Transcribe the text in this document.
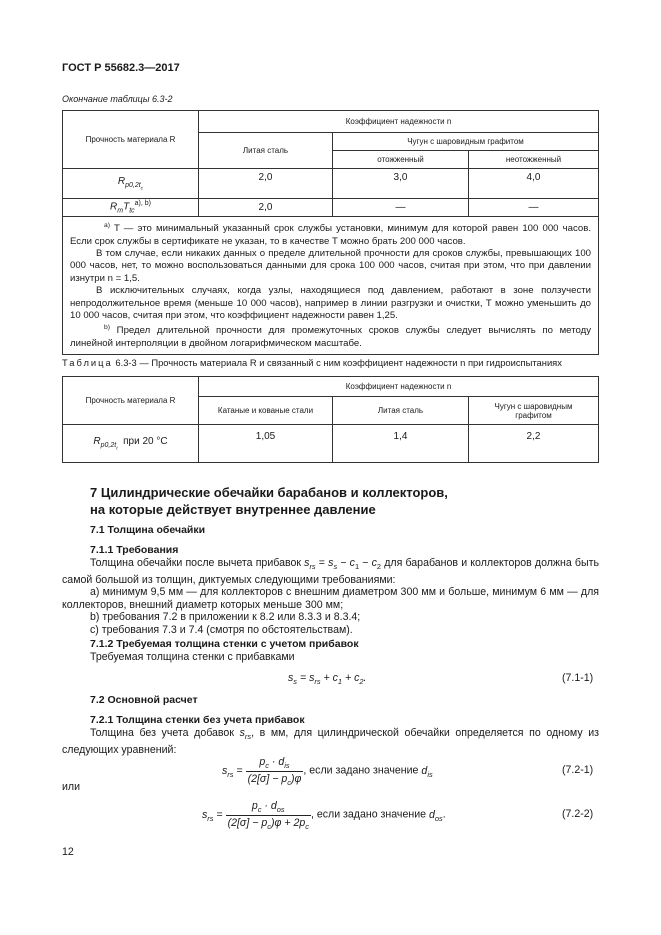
ГОСТ Р 55682.3—2017
Окончание таблицы 6.3-2
Прочность материала R	Коэффициент надежности n		
	Литая сталь	Чугун с шаровидным графитом	
		отожженный	неотожженный
$R_{p0,2t_c}$	2,0	3,0	4,0
$R_mT_{tc}^{a), b)}$	2,0	—	—

$^{a)}$ T — это минимальный указанный срок службы установки, минимум для которой равен 100 000 часов. Если срок службы в сертификате не указан, то в качестве T можно брать 200 000 часов.

В том случае, если никаких данных о пределе длительной прочности для сроков службы, превышающих 100 000 часов, нет, то можно воспользоваться данными для срока 100 000 часов, считая при этом, что при давлении изнутри n = 1,5.

В исключительных случаях, когда узлы, находящиеся под давлением, работают в зоне ползучести непродолжительное время (меньше 10 000 часов), например в линии разгрузки и очистки, T можно уменьшить до 10 000 часов, считая при этом, что коэффициент надежности равен 1,25.

$^{b)}$ Предел длительной прочности для промежуточных сроков службы следует вычислять по методу линейной интерполяции в двойном логарифмическом масштабе.			

Таблица 6.3-3 — Прочность материала R и связанный с ним коэффициент надежности n при гидроиспытаниях
Прочность материала R	Коэффициент надежности n		
	Катаные и кованые стали	Литая сталь	Чугун с шаровидным графитом
$R_{p0,2t_t}$  при 20 °С	1,05	1,4	2,2
7 Цилиндрические обечайки барабанов и коллекторов,
на которые действует внутреннее давление
7.1 Толщина обечайки
7.1.1 Требования

Толщина обечайки после вычета прибавок $s_{rs} = s_s - c_1 - c_2$ для барабанов и коллекторов должна быть самой большой из толщин, диктуемых следующими требованиями:

a) минимум 9,5 мм — для коллекторов с внешним диаметром 300 мм и больше, минимум 6 мм — для коллекторов, внешний диаметр которых меньше 300 мм;

b) требования 7.2 в приложении к 8.2 или 8.3.3 и 8.3.4;

c) требования 7.3 и 7.4 (смотря по обстоятельствам).

7.1.2 Требуемая толщина стенки с учетом прибавок
Требуемая толщина стенки с прибавками
$s_s = s_{rs} + c_1 + c_2$.	(7.1-1)
7.2 Основной расчет
7.2.1 Толщина стенки без учета прибавок

Толщина без учета добавок $s_{rs}$, в мм, для цилиндрической обечайки определяется по одному из следующих уравнений:

$s_{rs} = \frac{p_c \cdot d_{is}}{(2[\sigma] - p_c)\varphi}$ , если задано значение $d_{is}$	(7.2-1)
или
$s_{rs} = \frac{p_c \cdot d_{os}}{(2[\sigma] - p_c)\varphi + 2p_c}$ , если задано значение $d_{os}$.	(7.2-2)
12
